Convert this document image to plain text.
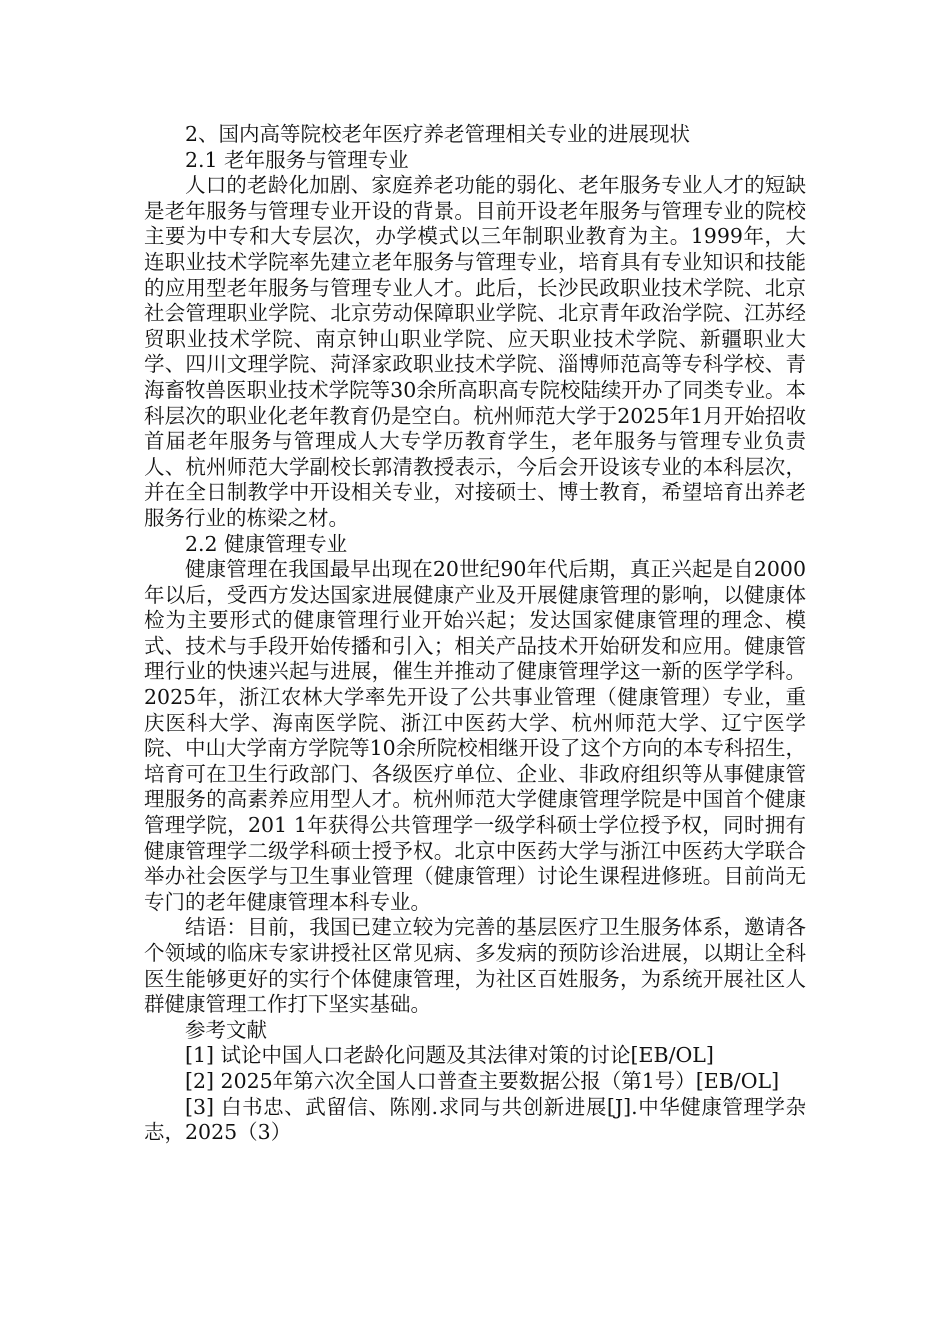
2、国内高等院校老年医疗养老管理相关专业的进展现状

2.1 老年服务与管理专业

人口的老龄化加剧、家庭养老功能的弱化、老年服务专业人才的短缺是老年服务与管理专业开设的背景。目前开设老年服务与管理专业的院校主要为中专和大专层次，办学模式以三年制职业教育为主。1999年，大连职业技术学院率先建立老年服务与管理专业，培育具有专业知识和技能的应用型老年服务与管理专业人才。此后，长沙民政职业技术学院、北京社会管理职业学院、北京劳动保障职业学院、北京青年政治学院、江苏经贸职业技术学院、南京钟山职业学院、应天职业技术学院、新疆职业大学、四川文理学院、菏泽家政职业技术学院、淄博师范高等专科学校、青海畜牧兽医职业技术学院等30余所高职高专院校陆续开办了同类专业。本科层次的职业化老年教育仍是空白。杭州师范大学于2025年1月开始招收首届老年服务与管理成人大专学历教育学生，老年服务与管理专业负责人、杭州师范大学副校长郭清教授表示，今后会开设该专业的本科层次，并在全日制教学中开设相关专业，对接硕士、博士教育，希望培育出养老服务行业的栋梁之材。

2.2 健康管理专业

健康管理在我国最早出现在20世纪90年代后期，真正兴起是自2000年以后，受西方发达国家进展健康产业及开展健康管理的影响，以健康体检为主要形式的健康管理行业开始兴起；发达国家健康管理的理念、模式、技术与手段开始传播和引入；相关产品技术开始研发和应用。健康管理行业的快速兴起与进展，催生并推动了健康管理学这一新的医学学科。2025年，浙江农林大学率先开设了公共事业管理（健康管理）专业，重庆医科大学、海南医学院、浙江中医药大学、杭州师范大学、辽宁医学院、中山大学南方学院等10余所院校相继开设了这个方向的本专科招生，培育可在卫生行政部门、各级医疗单位、企业、非政府组织等从事健康管理服务的高素养应用型人才。杭州师范大学健康管理学院是中国首个健康管理学院，201 1年获得公共管理学一级学科硕士学位授予权，同时拥有健康管理学二级学科硕士授予权。北京中医药大学与浙江中医药大学联合举办社会医学与卫生事业管理（健康管理）讨论生课程进修班。目前尚无专门的老年健康管理本科专业。

结语：目前，我国已建立较为完善的基层医疗卫生服务体系，邀请各个领域的临床专家讲授社区常见病、多发病的预防诊治进展，以期让全科医生能够更好的实行个体健康管理，为社区百姓服务，为系统开展社区人群健康管理工作打下坚实基础。

参考文献

[1] 试论中国人口老龄化问题及其法律对策的讨论[EB/OL]

[2] 2025年第六次全国人口普查主要数据公报（第1号）[EB/OL]

[3] 白书忠、武留信、陈刚.求同与共创新进展[J].中华健康管理学杂志，2025（3）
